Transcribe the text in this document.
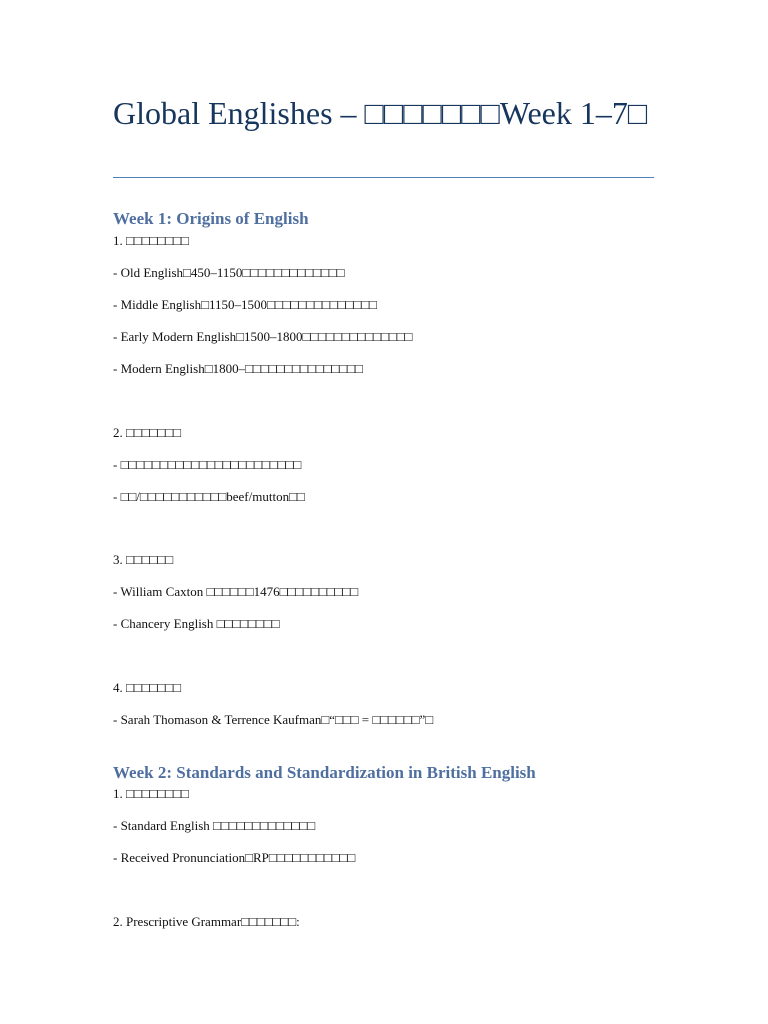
Global Englishes – □□□□□□□Week 1–7□
Week 1: Origins of English

1. □□□□□□□□

- Old English□450–1150□□□□□□□□□□□□□

- Middle English□1150–1500□□□□□□□□□□□□□□

- Early Modern English□1500–1800□□□□□□□□□□□□□□

- Modern English□1800–□□□□□□□□□□□□□□□

2. □□□□□□□

- □□□□□□□□□□□□□□□□□□□□□□□

- □□/□□□□□□□□□□□beef/mutton□□

3. □□□□□□

- William Caxton □□□□□□1476□□□□□□□□□□

- Chancery English □□□□□□□□

4. □□□□□□□

- Sarah Thomason & Terrence Kaufman□“□□□ = □□□□□□”□

Week 2: Standards and Standardization in British English

1. □□□□□□□□

- Standard English □□□□□□□□□□□□□

- Received Pronunciation□RP□□□□□□□□□□□

2. Prescriptive Grammar□□□□□□□:
